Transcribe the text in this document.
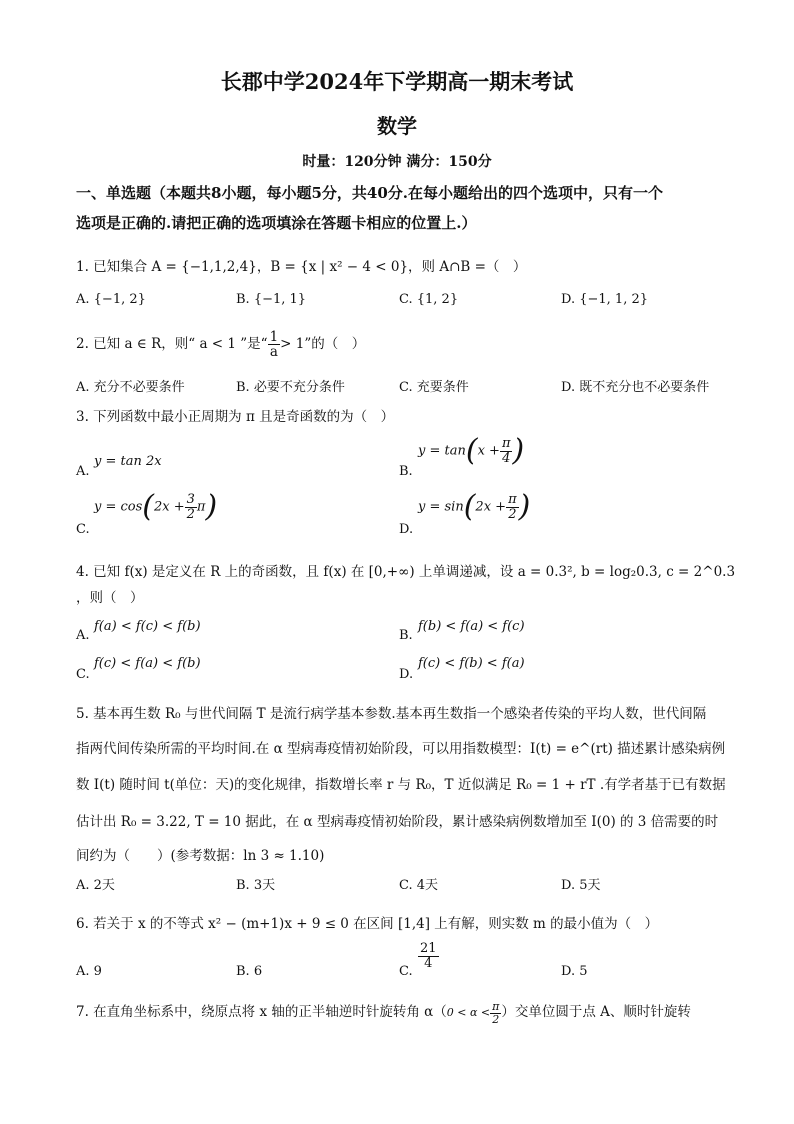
长郡中学2024年下学期高一期末考试
数学
时量：120分钟 满分：150分
一、单选题（本题共8小题，每小题5分，共40分.在每小题给出的四个选项中，只有一个
选项是正确的.请把正确的选项填涂在答题卡相应的位置上.）
1. 已知集合 A = {−1,1,2,4}，B = {x | x² − 4 < 0}，则 A∩B =（　）
A. {−1, 2}	B. {−1, 1}	C. {1, 2}	D. {−1, 1, 2}
2. 已知 a ∈ R，则“ a < 1 ”是“ $\frac{1}{a} > 1$”的（　）
A. 充分不必要条件	B. 必要不充分条件	C. 充要条件	D. 既不充分也不必要条件
3. 下列函数中最小正周期为 π 且是奇函数的为（　）
A.
y = tan 2x
B.
$y = \tan(x + \frac{\pi}{4}$ )
C.
$y = \cos(2x + \frac{3}{2} \pi)$
D.
$y = \sin(2x + \frac{\pi}{2}$ )
4. 已知 f(x) 是定义在 R 上的奇函数，且 f(x) 在 [0,+∞) 上单调递减，设 a = 0.3², b = log₂0.3, c = 2^0.3
，则（　）
A.
f(a) < f(c) < f(b)
B.
f(b) < f(a) < f(c)
C.
f(c) < f(a) < f(b)
D.
f(c) < f(b) < f(a)
5. 基本再生数 R₀ 与世代间隔 T 是流行病学基本参数.基本再生数指一个感染者传染的平均人数，世代间隔
指两代间传染所需的平均时间.在 α 型病毒疫情初始阶段，可以用指数模型：I(t) = e^(rt) 描述累计感染病例
数 I(t) 随时间 t(单位：天)的变化规律，指数增长率 r 与 R₀，T 近似满足 R₀ = 1 + rT .有学者基于已有数据
估计出 R₀ = 3.22, T = 10 据此，在 α 型病毒疫情初始阶段，累计感染病例数增加至 I(0) 的 3 倍需要的时
间约为（　　）(参考数据：ln 3 ≈ 1.10)
A. 2天	B. 3天	C. 4天	D. 5天
6. 若关于 x 的不等式 x² − (m+1)x + 9 ≤ 0 在区间 [1,4] 上有解，则实数 m 的最小值为（　）
A. 9	B. 6	C.
$\frac{21}{4}$
D. 5
7. 在直角坐标系中，绕原点将 x 轴的正半轴逆时针旋转角 $\alpha(0 < \alpha < \frac{\pi}{2}$ ）交单位圆于点 A、顺时针旋转
